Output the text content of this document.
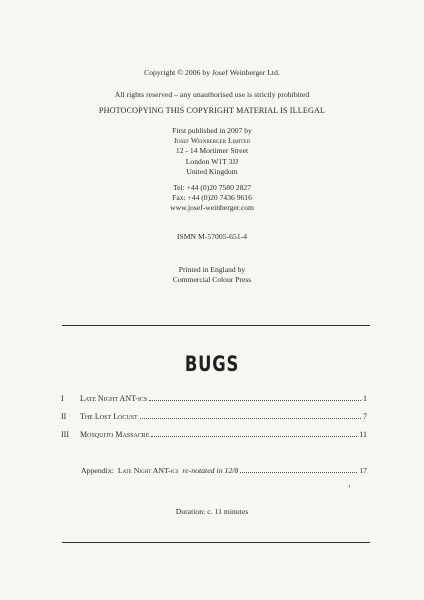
Copyright © 2006 by Josef Weinberger Ltd.
All rights reserved – any unauthorised use is strictly prohibited
PHOTOCOPYING THIS COPYRIGHT MATERIAL IS ILLEGAL
First published in 2007 by
Josef Weinberger Limited
12 - 14 Mortimer Street
London W1T 3JJ
United Kingdom
Tel: +44 (0)20 7580 2827
Fax: +44 (0)20 7436 9616
www.josef-weinberger.com
ISMN M-57005-651-4
Printed in England by
Commercial Colour Press
BUGS
I	Late Night ANT-ics	1
II	The Lost Locust	7
III	Mosquito Massacre	11
Appendix: Late Night ANT-ics re-notated in 12/8	17
Duration: c. 11 minutes
